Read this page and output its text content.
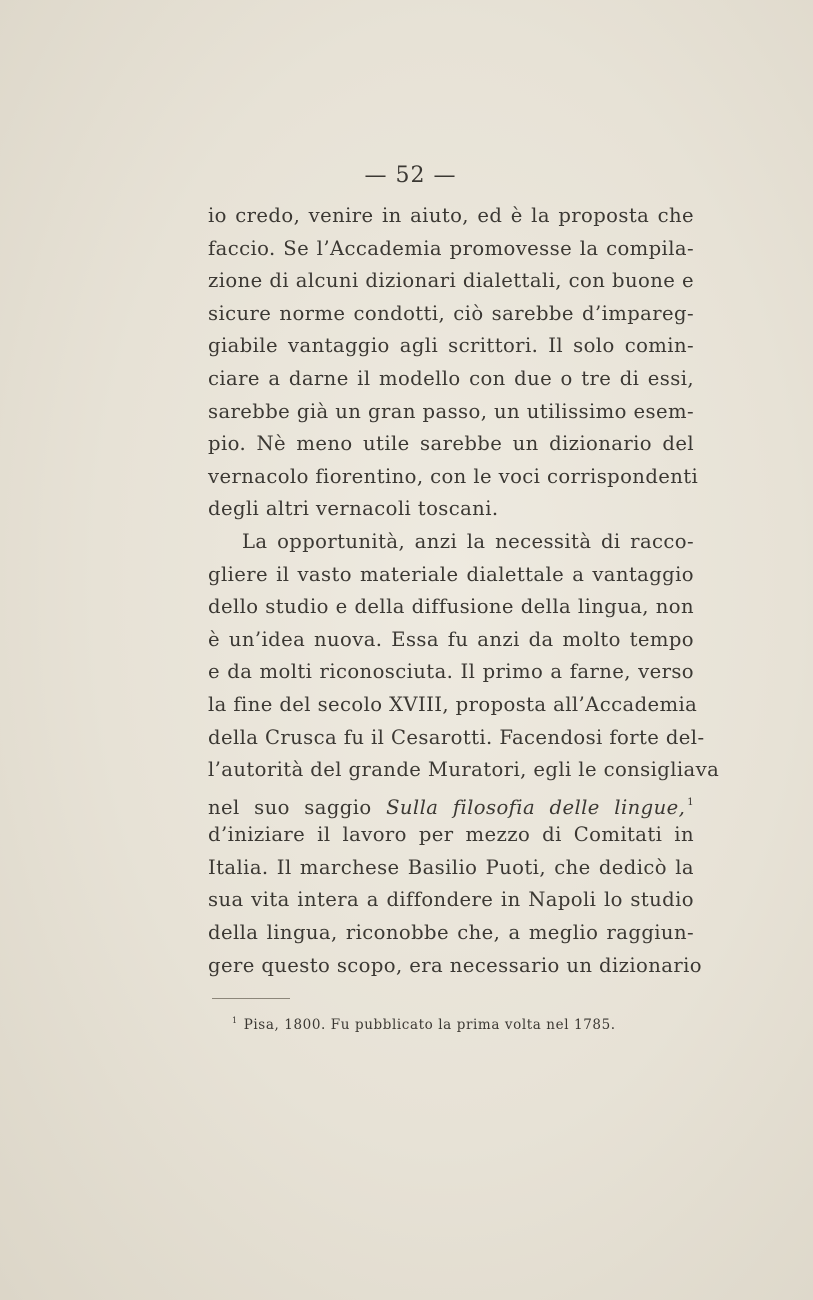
— 52 —
io credo, venire in aiuto, ed è la proposta che
faccio. Se l’Accademia promovesse la compila-
zione di alcuni dizionari dialettali, con buone e
sicure norme condotti, ciò sarebbe d’impareg-
giabile vantaggio agli scrittori. Il solo comin-
ciare a darne il modello con due o tre di essi,
sarebbe già un gran passo, un utilissimo esem-
pio. Nè meno utile sarebbe un dizionario del
vernacolo fiorentino, con le voci corrispondenti
degli altri vernacoli toscani.
La opportunità, anzi la necessità di racco-
gliere il vasto materiale dialettale a vantaggio
dello studio e della diffusione della lingua, non
è un’idea nuova. Essa fu anzi da molto tempo
e da molti riconosciuta. Il primo a farne, verso
la fine del secolo XVIII, proposta all’Accademia
della Crusca fu il Cesarotti. Facendosi forte del-
l’autorità del grande Muratori, egli le consigliava
nel suo saggio Sulla filosofia delle lingue, $^1$
d’iniziare il lavoro per mezzo di Comitati in
Italia. Il marchese Basilio Puoti, che dedicò la
sua vita intera a diffondere in Napoli lo studio
della lingua, riconobbe che, a meglio raggiun-
gere questo scopo, era necessario un dizionario
$^1$ Pisa, 1800. Fu pubblicato la prima volta nel 1785.
